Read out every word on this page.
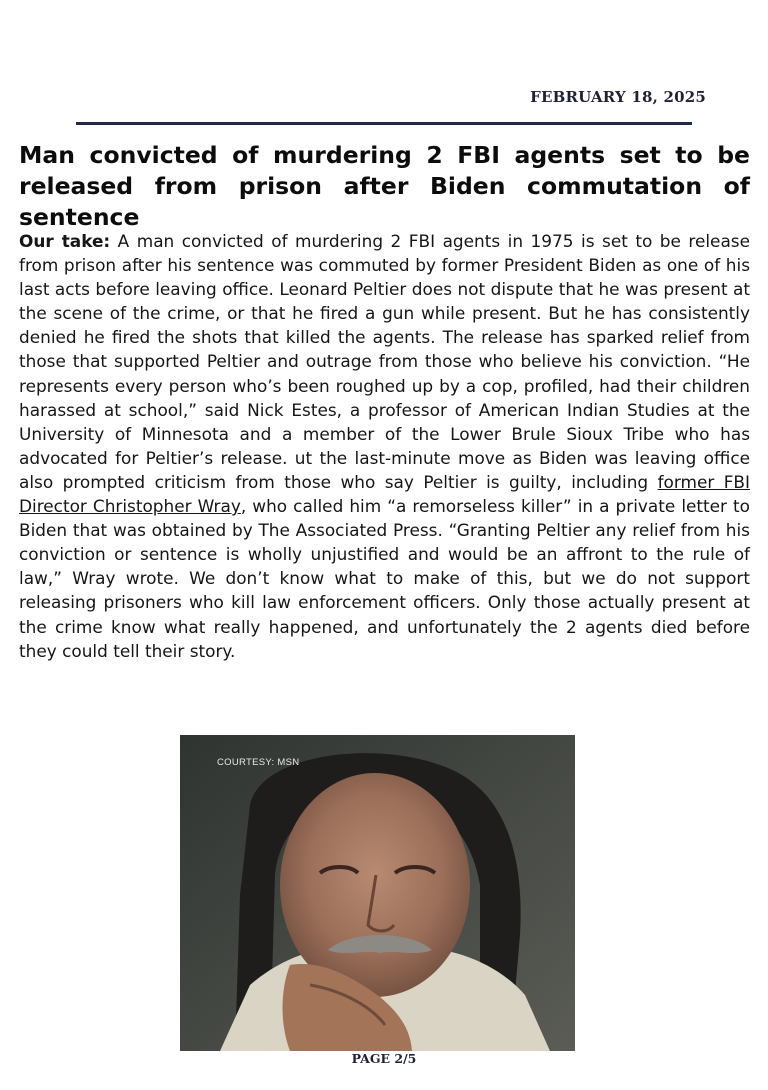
FEBRUARY 18, 2025
Man convicted of murdering 2 FBI agents set to be released from prison after Biden commutation of sentence

Our take: A man convicted of murdering 2 FBI agents in 1975 is set to be release from prison after his sentence was commuted by former President Biden as one of his last acts before leaving office. Leonard Peltier does not dispute that he was present at the scene of the crime, or that he fired a gun while present. But he has consistently denied he fired the shots that killed the agents. The release has sparked relief from those that supported Peltier and outrage from those who believe his conviction. “He represents every person who’s been roughed up by a cop, profiled, had their children harassed at school,” said Nick Estes, a professor of American Indian Studies at the University of Minnesota and a member of the Lower Brule Sioux Tribe who has advocated for Peltier’s release. ut the last-minute move as Biden was leaving office also prompted criticism from those who say Peltier is guilty, including former FBI Director Christopher Wray, who called him “a remorseless killer” in a private letter to Biden that was obtained by The Associated Press. “Granting Peltier any relief from his conviction or sentence is wholly unjustified and would be an affront to the rule of law,” Wray wrote. We don’t know what to make of this, but we do not support releasing prisoners who kill law enforcement officers. Only those actually present at the crime know what really happened, and unfortunately the 2 agents died before they could tell their story.

COURTESY: MSN
PAGE 2/5
